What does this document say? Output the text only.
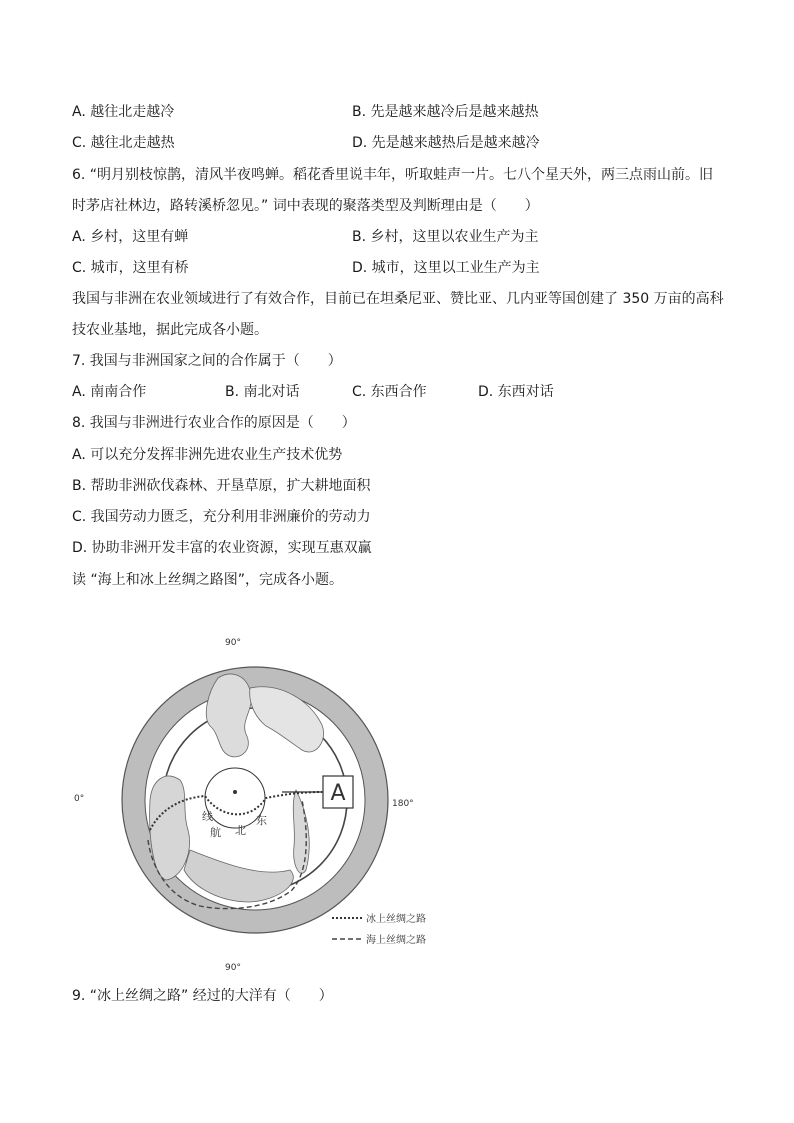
A. 越往北走越冷	B. 先是越来越冷后是越来越热
C. 越往北走越热	D. 先是越来越热后是越来越冷
6. “明月别枝惊鹊，清风半夜鸣蝉。稻花香里说丰年，听取蛙声一片。七八个星天外，两三点雨山前。旧
时茅店社林边，路转溪桥忽见。” 词中表现的聚落类型及判断理由是（　　）
A. 乡村，这里有蝉	B. 乡村，这里以农业生产为主
C. 城市，这里有桥	D. 城市，这里以工业生产为主
我国与非洲在农业领域进行了有效合作，目前已在坦桑尼亚、赞比亚、几内亚等国创建了 350 万亩的高科
技农业基地，据此完成各小题。
7. 我国与非洲国家之间的合作属于（　　）
A. 南南合作	B. 南北对话	C. 东西合作	D. 东西对话
8. 我国与非洲进行农业合作的原因是（　　）
A. 可以充分发挥非洲先进农业生产技术优势
B. 帮助非洲砍伐森林、开垦草原，扩大耕地面积
C. 我国劳动力匮乏，充分利用非洲廉价的劳动力
D. 协助非洲开发丰富的农业资源，实现互惠双赢
读 “海上和冰上丝绸之路图”，完成各小题。
A
90°
90°
0°	180°
线
航 北
东
冰上丝绸之路
海上丝绸之路
9. “冰上丝绸之路” 经过的大洋有（　　）
